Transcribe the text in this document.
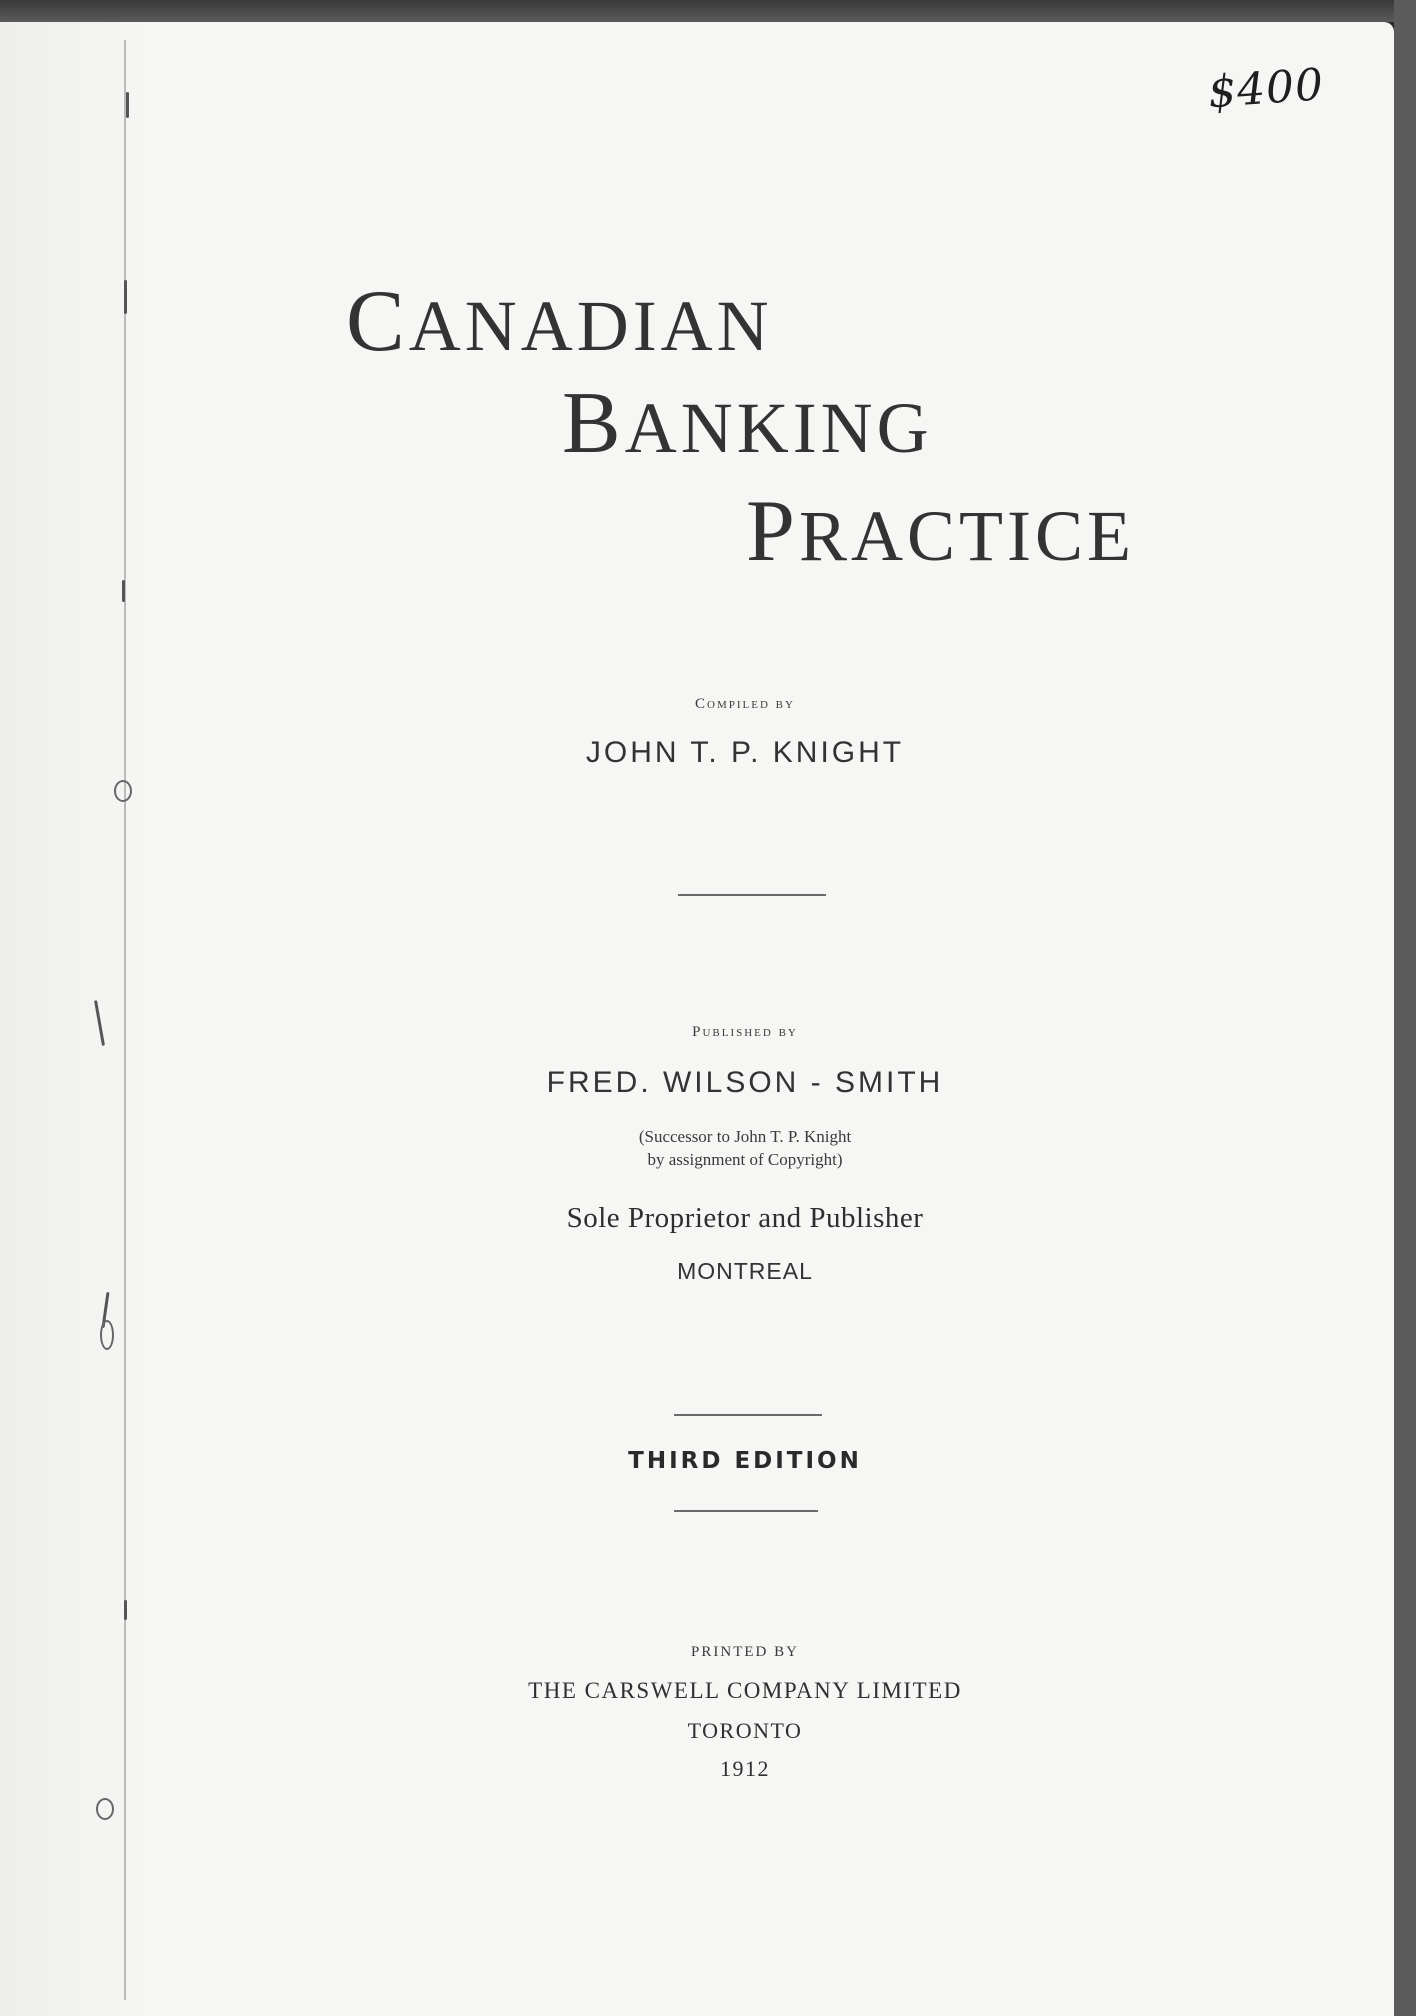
$400
CANADIAN
BANKING
PRACTICE
Compiled by
JOHN T. P. KNIGHT
Published by
FRED. WILSON - SMITH
(Successor to John T. P. Knight
by assignment of Copyright)
Sole Proprietor and Publisher
MONTREAL
THIRD EDITION
PRINTED BY
THE CARSWELL COMPANY LIMITED
TORONTO
1912
